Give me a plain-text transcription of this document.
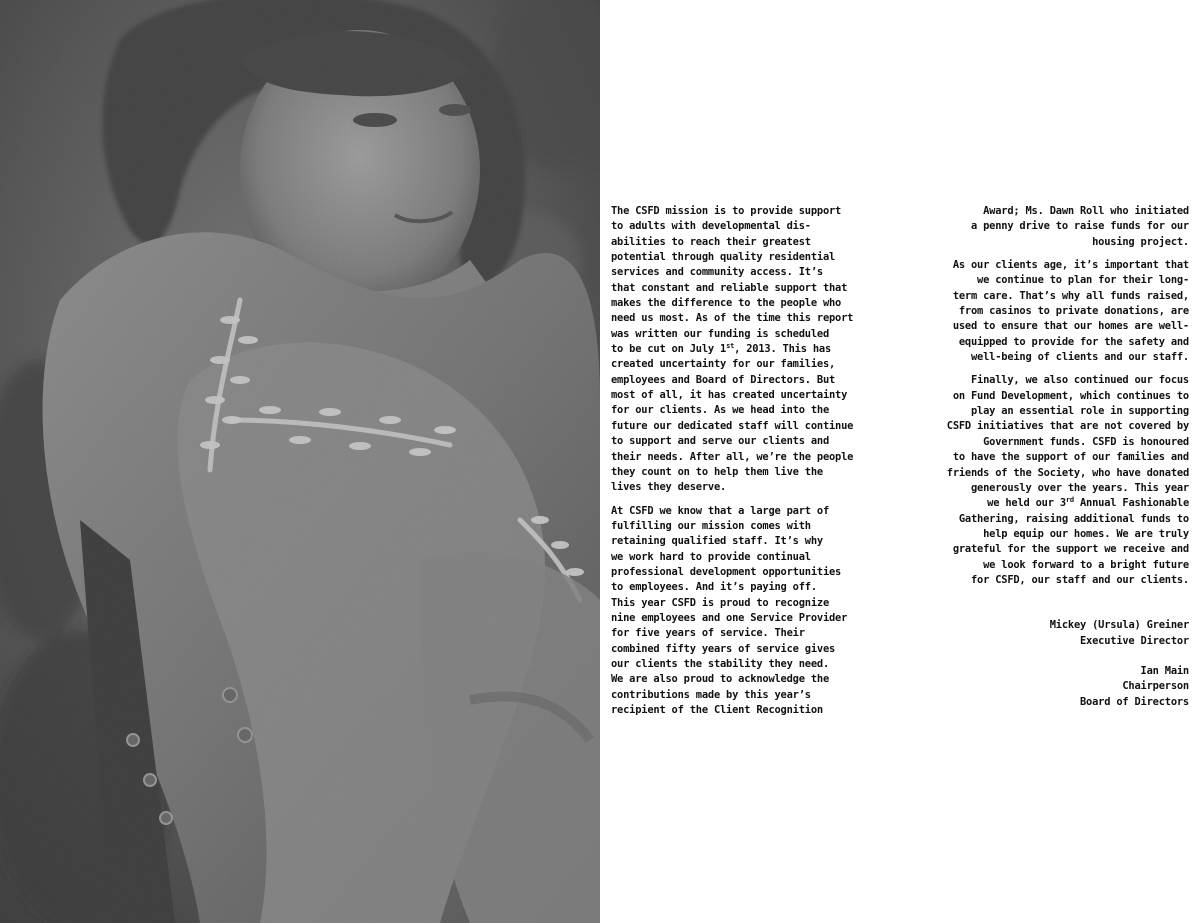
The CSFD mission is to provide support
to adults with developmental dis-
abilities to reach their greatest
potential through quality residential
services and community access. It’s
that constant and reliable support that
makes the difference to the people who
need us most. As of the time this report
was written our funding is scheduled
to be cut on July 1st, 2013. This has
created uncertainty for our families,
employees and Board of Directors. But
most of all, it has created uncertainty
for our clients. As we head into the
future our dedicated staff will continue
to support and serve our clients and
their needs. After all, we’re the people
they count on to help them live the
lives they deserve.

At CSFD we know that a large part of
fulfilling our mission comes with
retaining qualified staff. It’s why
we work hard to provide continual
professional development opportunities
to employees. And it’s paying off.
This year CSFD is proud to recognize
nine employees and one Service Provider
for five years of service. Their
combined fifty years of service gives
our clients the stability they need.
We are also proud to acknowledge the
contributions made by this year’s
recipient of the Client Recognition

Award; Ms. Dawn Roll who initiated
a penny drive to raise funds for our
housing project.

As our clients age, it’s important that
we continue to plan for their long-
term care. That’s why all funds raised,
from casinos to private donations, are
used to ensure that our homes are well-
equipped to provide for the safety and
well-being of clients and our staff.

Finally, we also continued our focus
on Fund Development, which continues to
play an essential role in supporting
CSFD initiatives that are not covered by
Government funds. CSFD is honoured
to have the support of our families and
friends of the Society, who have donated
generously over the years. This year
we held our 3rd Annual Fashionable
Gathering, raising additional funds to
help equip our homes. We are truly
grateful for the support we receive and
we look forward to a bright future
for CSFD, our staff and our clients.

Mickey (Ursula) Greiner
Executive Director
Ian Main
Chairperson
Board of Directors
